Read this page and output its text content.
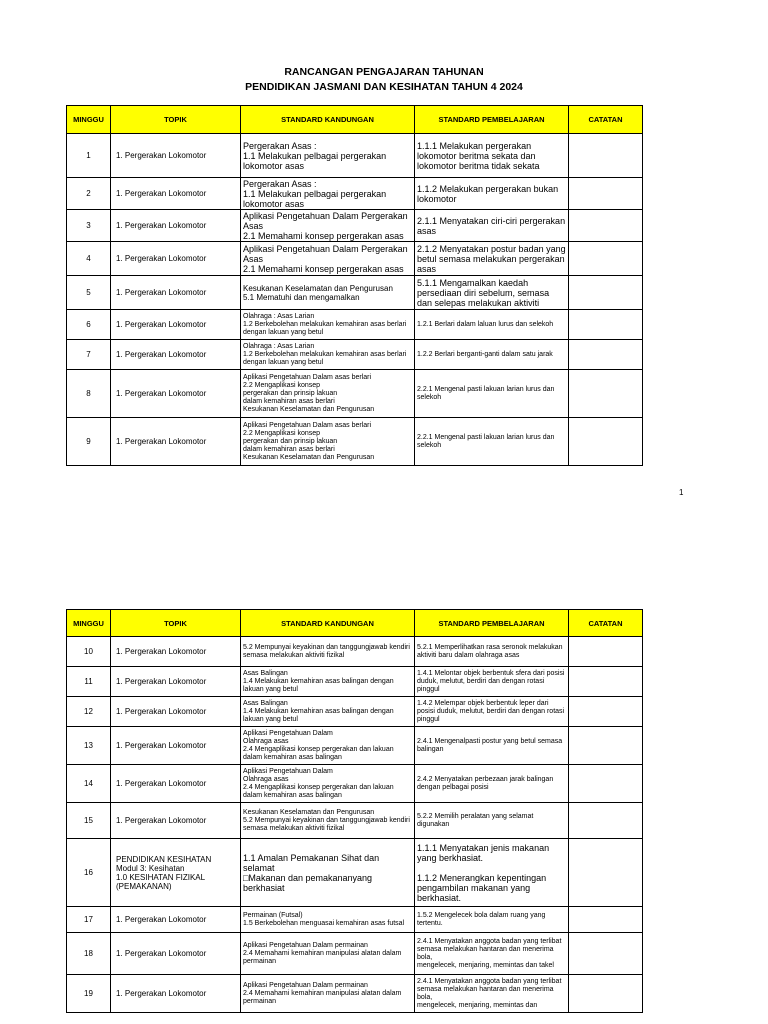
RANCANGAN PENGAJARAN TAHUNAN
PENDIDIKAN JASMANI DAN KESIHATAN TAHUN 4 2024
MINGGU	TOPIK	STANDARD KANDUNGAN	STANDARD PEMBELAJARAN	CATATAN
1	1. Pergerakan Lokomotor	Pergerakan Asas :
1.1 Melakukan pelbagai pergerakan lokomotor asas	1.1.1 Melakukan pergerakan lokomotor beritma sekata dan lokomotor beritma tidak sekata	
2	1. Pergerakan Lokomotor	Pergerakan Asas :
1.1 Melakukan pelbagai pergerakan lokomotor asas	1.1.2 Melakukan pergerakan bukan lokomotor	
3	1. Pergerakan Lokomotor	Aplikasi Pengetahuan Dalam Pergerakan Asas
2.1 Memahami konsep pergerakan asas	2.1.1 Menyatakan ciri-ciri pergerakan asas	
4	1. Pergerakan Lokomotor	Aplikasi Pengetahuan Dalam Pergerakan Asas
2.1 Memahami konsep pergerakan asas	2.1.2 Menyatakan postur badan yang betul semasa melakukan pergerakan asas	
5	1. Pergerakan Lokomotor	Kesukanan Keselamatan dan Pengurusan
5.1 Mematuhi dan mengamalkan	5.1.1 Mengamalkan kaedah persediaan diri sebelum, semasa dan selepas melakukan aktiviti	
6	1. Pergerakan Lokomotor	Olahraga : Asas Larian
1.2 Berkebolehan melakukan kemahiran asas berlari dengan lakuan yang betul	1.2.1 Berlari dalam laluan lurus dan selekoh	
7	1. Pergerakan Lokomotor	Olahraga : Asas Larian
1.2 Berkebolehan melakukan kemahiran asas berlari dengan lakuan yang betul	1.2.2 Berlari berganti-ganti dalam satu jarak	
8	1. Pergerakan Lokomotor	Aplikasi Pengetahuan Dalam asas berlari
2.2 Mengaplikasi konsep
pergerakan dan prinsip lakuan
dalam kemahiran asas berlari
Kesukanan Keselamatan dan Pengurusan	2.2.1 Mengenal pasti lakuan larian lurus dan selekoh	
9	1. Pergerakan Lokomotor	Aplikasi Pengetahuan Dalam asas berlari
2.2 Mengaplikasi konsep
pergerakan dan prinsip lakuan
dalam kemahiran asas berlari
Kesukanan Keselamatan dan Pengurusan	2.2.1 Mengenal pasti lakuan larian lurus dan selekoh	
1
MINGGU	TOPIK	STANDARD KANDUNGAN	STANDARD PEMBELAJARAN	CATATAN
10	1. Pergerakan Lokomotor	5.2 Mempunyai keyakinan dan tanggungjawab kendiri semasa melakukan aktiviti fizikal	5.2.1 Memperlihatkan rasa seronok melakukan aktiviti baru dalam olahraga asas	
11	1. Pergerakan Lokomotor	Asas Balingan
1.4 Melakukan kemahiran asas balingan dengan lakuan yang betul	1.4.1 Melontar objek berbentuk sfera dari posisi duduk, melutut, berdiri dan dengan rotasi pinggul	
12	1. Pergerakan Lokomotor	Asas Balingan
1.4 Melakukan kemahiran asas balingan dengan lakuan yang betul	1.4.2 Melempar objek berbentuk leper dari posisi duduk, melutut, berdiri dan dengan rotasi pinggul	
13	1. Pergerakan Lokomotor	Aplikasi Pengetahuan Dalam
Olahraga asas
2.4 Mengaplikasi konsep pergerakan dan lakuan dalam kemahiran asas balingan	2.4.1 Mengenalpasti postur yang betul semasa balingan	
14	1. Pergerakan Lokomotor	Aplikasi Pengetahuan Dalam
Olahraga asas
2.4 Mengaplikasi konsep pergerakan dan lakuan dalam kemahiran asas balingan	2.4.2 Menyatakan perbezaan jarak balingan dengan pelbagai posisi	
15	1. Pergerakan Lokomotor	Kesukanan Keselamatan dan Pengurusan
5.2 Mempunyai keyakinan dan tanggungjawab kendiri semasa melakukan aktiviti fizikal	5.2.2 Memilih peralatan yang selamat digunakan	
16	PENDIDIKAN KESIHATAN
Modul 3: Kesihatan
1.0 KESIHATAN FIZIKAL
(PEMAKANAN)	1.1 Amalan Pemakanan Sihat dan selamat
□Makanan dan pemakananyang berkhasiat	1.1.1 Menyatakan jenis makanan yang berkhasiat.

1.1.2 Menerangkan kepentingan pengambilan makanan yang berkhasiat.	
17	1. Pergerakan Lokomotor	Permainan (Futsal)
1.5 Berkebolehan menguasai kemahiran asas futsal	1.5.2 Mengelecek bola dalam ruang yang tertentu.	
18	1. Pergerakan Lokomotor	Aplikasi Pengetahuan Dalam permainan
2.4 Memahami kemahiran manipulasi alatan dalam permainan	2.4.1 Menyatakan anggota badan yang terlibat semasa melakukan hantaran dan menerima bola,
mengelecek, menjaring, memintas dan takel	
19	1. Pergerakan Lokomotor	Aplikasi Pengetahuan Dalam permainan
2.4 Memahami kemahiran manipulasi alatan dalam permainan	2.4.1 Menyatakan anggota badan yang terlibat semasa melakukan hantaran dan menerima bola,
mengelecek, menjaring, memintas dan	
